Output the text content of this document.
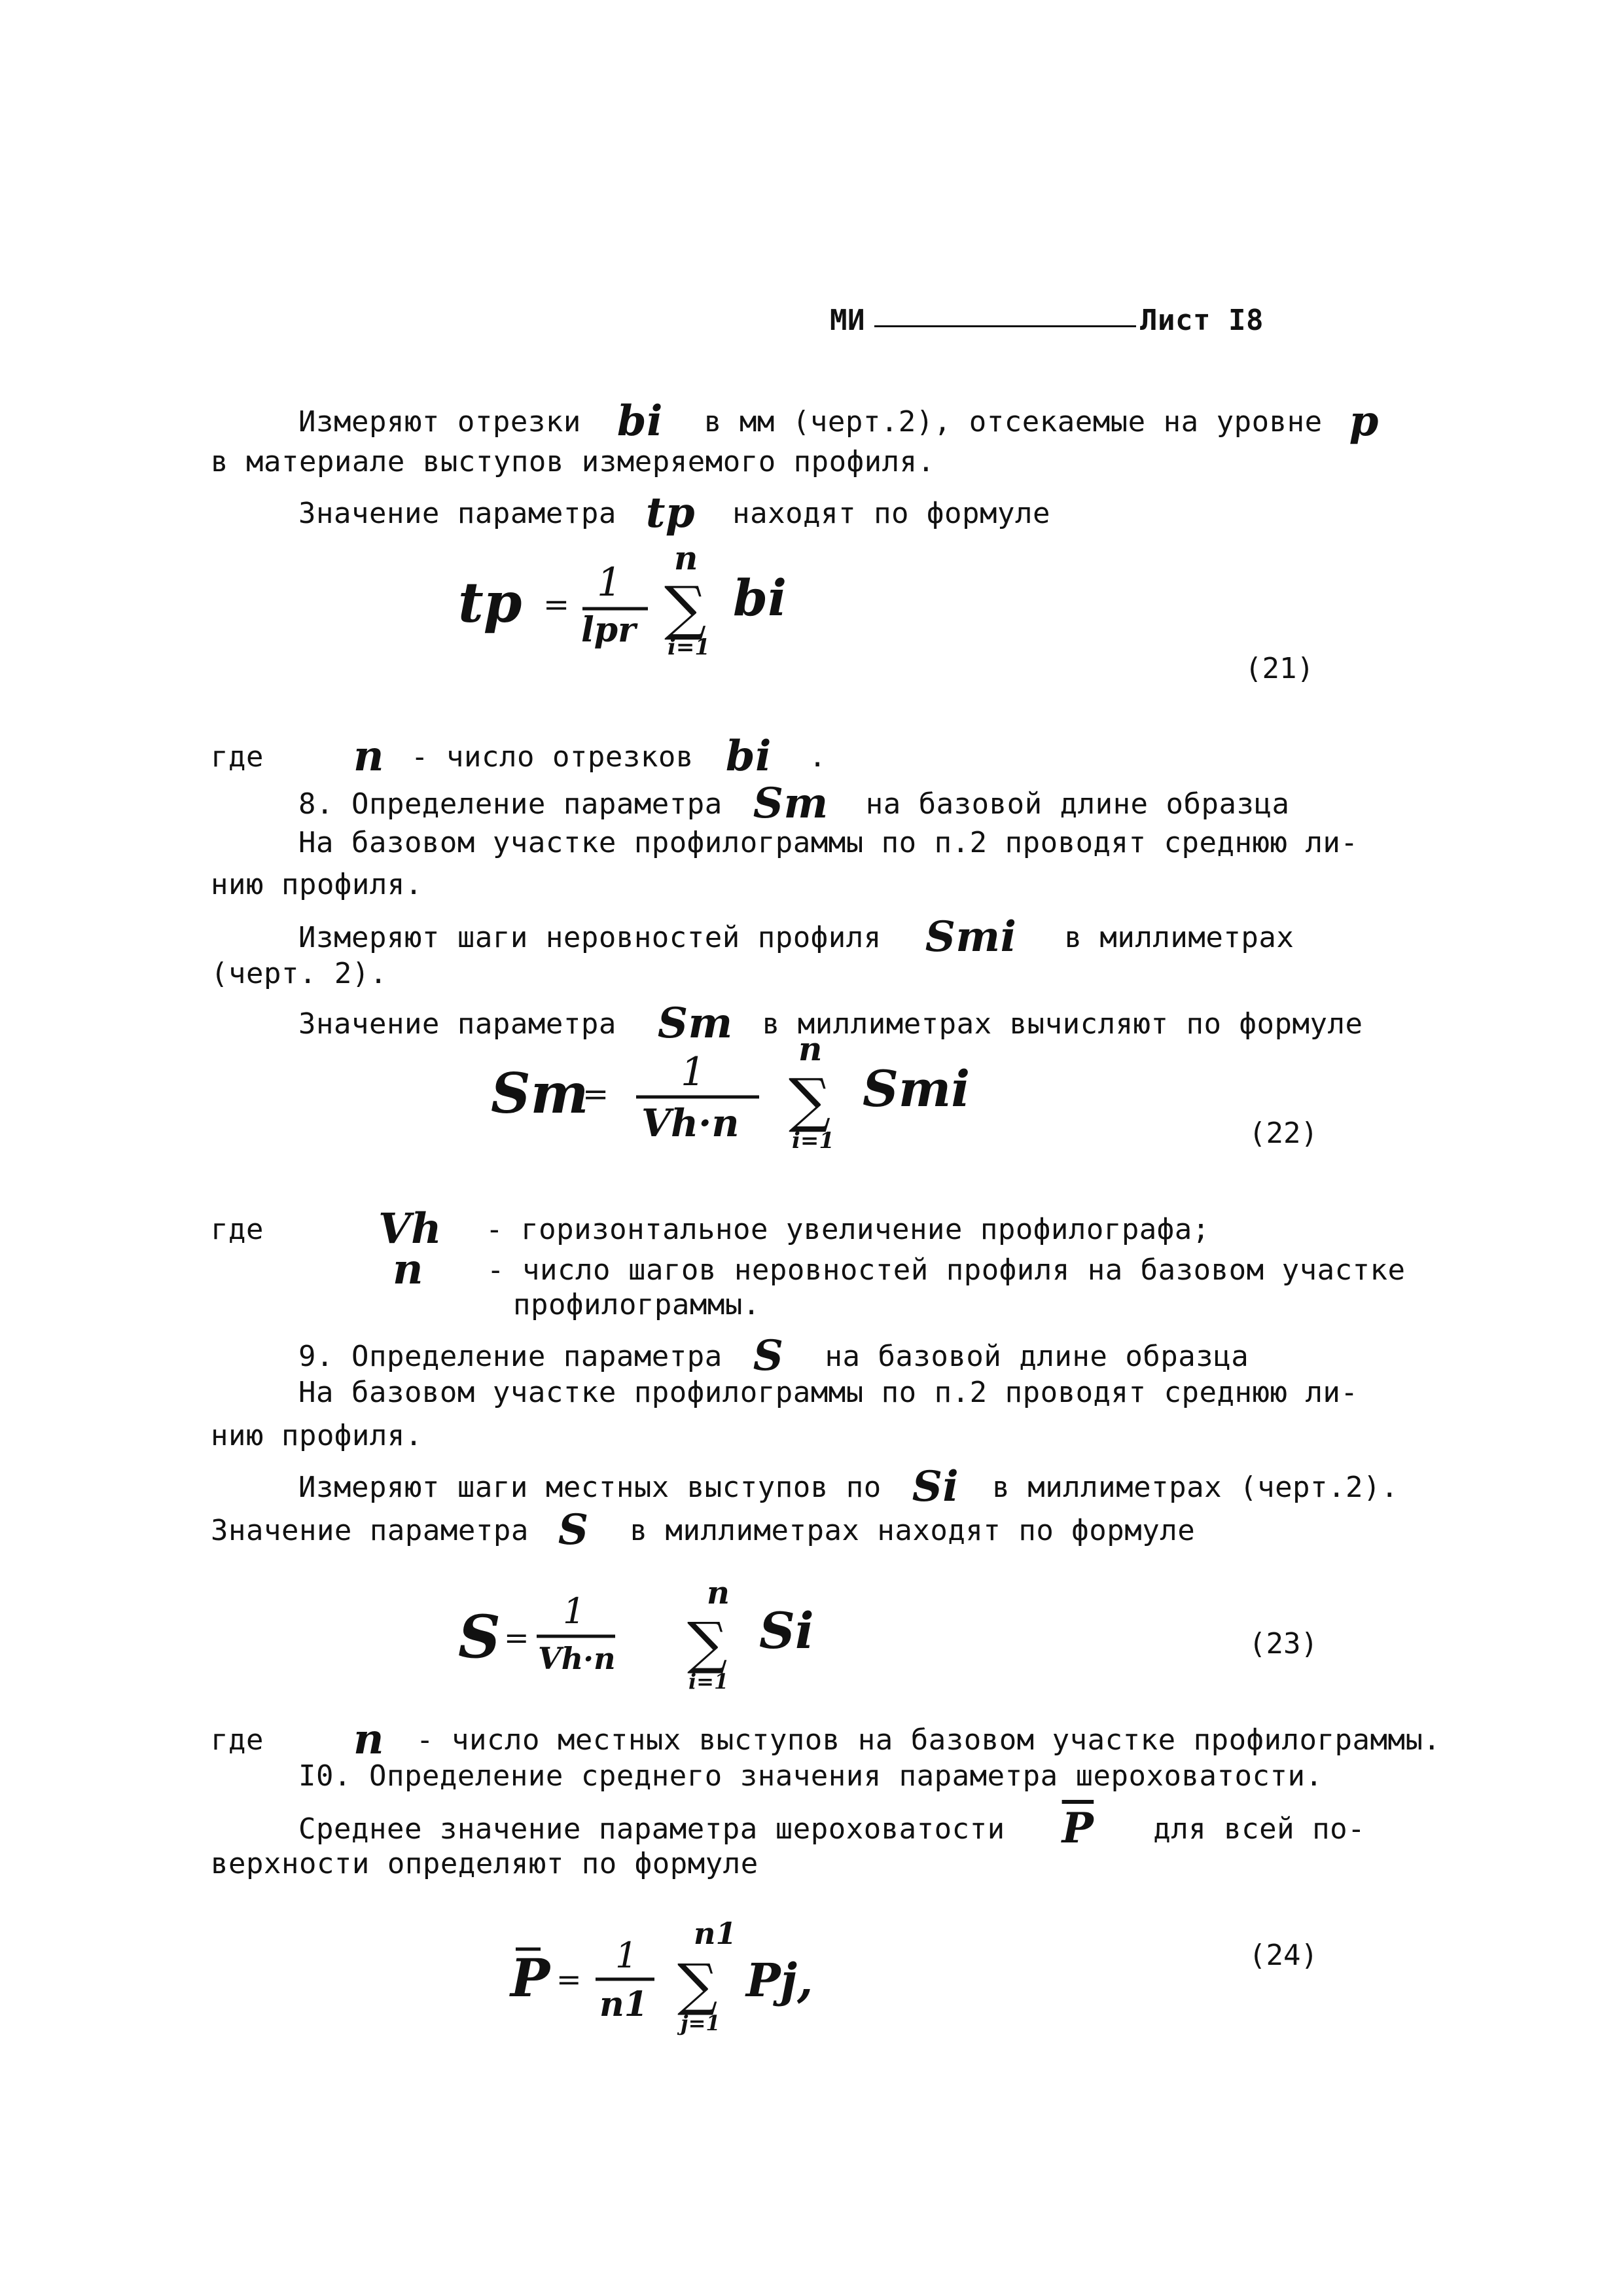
МИ	Лист I8
Измеряют отрезки bi в мм (черт.2), отсекаемые на уровне p
в материале выступов измеряемого профиля.
Значение параметра tp находят по формуле
tp = 1
lpr
n
∑
i=1
bi
(21)
где n - число отрезков bi .
8. Определение параметра Sm на базовой длине образца
На базовом участке профилограммы по п.2 проводят среднюю ли-
нию профиля.
Измеряют шаги неровностей профиля Smi в миллиметрах
(черт. 2).
Значение параметра Sm в миллиметрах вычисляют по формуле
Sm
= 1
Vh·n
n
∑
i=1
Smi
(22)
где	Vh - горизонтальное увеличение профилографа;
n - число шагов неровностей профиля на базовом участке
профилограммы.
9. Определение параметра S на базовой длине образца
На базовом участке профилограммы по п.2 проводят среднюю ли-
нию профиля.
Измеряют шаги местных выступов по Si в миллиметрах (черт.2).
Значение параметра S в миллиметрах находят по формуле
S =
1
Vh·n
n
∑
i=1
Si	(23)
где n - число местных выступов на базовом участке профилограммы.
I0. Определение среднего значения параметра шероховатости.
Среднее значение параметра шероховатости $\overline{P}$ для всей по-
верхности определяют по формуле
P =
1
n1
n1
∑
j=1
Pj,	(24)
